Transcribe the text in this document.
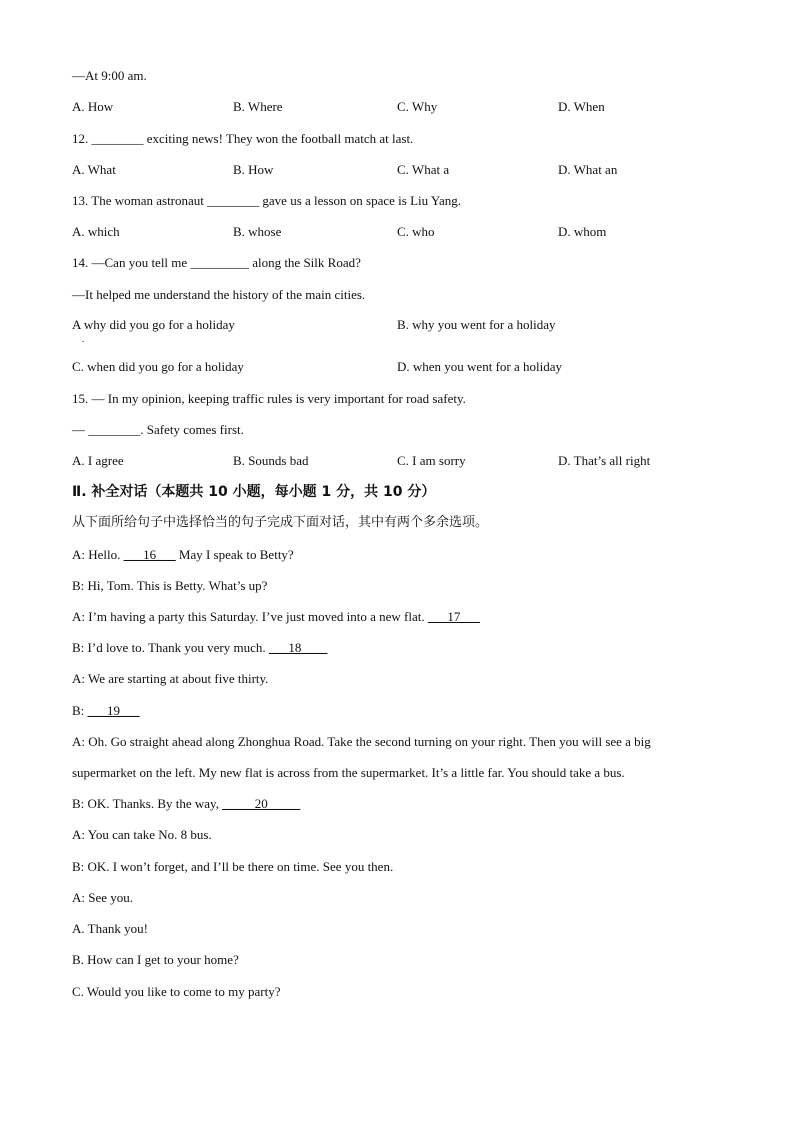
—At 9:00 am.
A. How	B. Where	C. Why	D. When
12. ________ exciting news! They won the football match at last.
A. What	B. How	C. What a	D. What an
13. The woman astronaut ________ gave us a lesson on space is Liu Yang.
A. which	B. whose	C. who	D. whom
14. —Can you tell me _________ along the Silk Road?
—It helped me understand the history of the main cities.
A why did you go for a holiday	B. why you went for a holiday
.
C. when did you go for a holiday	D. when you went for a holiday
15. — In my opinion, keeping traffic rules is very important for road safety.
— ________. Safety comes first.
A. I agree	B. Sounds bad	C. I am sorry	D. That’s all right
Ⅱ. 补全对话（本题共 10 小题，每小题 1 分，共 10 分）
从下面所给句子中选择恰当的句子完成下面对话，其中有两个多余选项。
A: Hello. ___16___ May I speak to Betty?
B: Hi, Tom. This is Betty. What’s up?
A: I’m having a party this Saturday. I’ve just moved into a new flat. ___17___
B: I’d love to. Thank you very much. ___18____
A: We are starting at about five thirty.
B: ___19___
A: Oh. Go straight ahead along Zhonghua Road. Take the second turning on your right. Then you will see a big
supermarket on the left. My new flat is across from the supermarket. It’s a little far. You should take a bus.
B: OK. Thanks. By the way, _____20_____
A: You can take No. 8 bus.
B: OK. I won’t forget, and I’ll be there on time. See you then.
A: See you.
A. Thank you!
B. How can I get to your home?
C. Would you like to come to my party?
